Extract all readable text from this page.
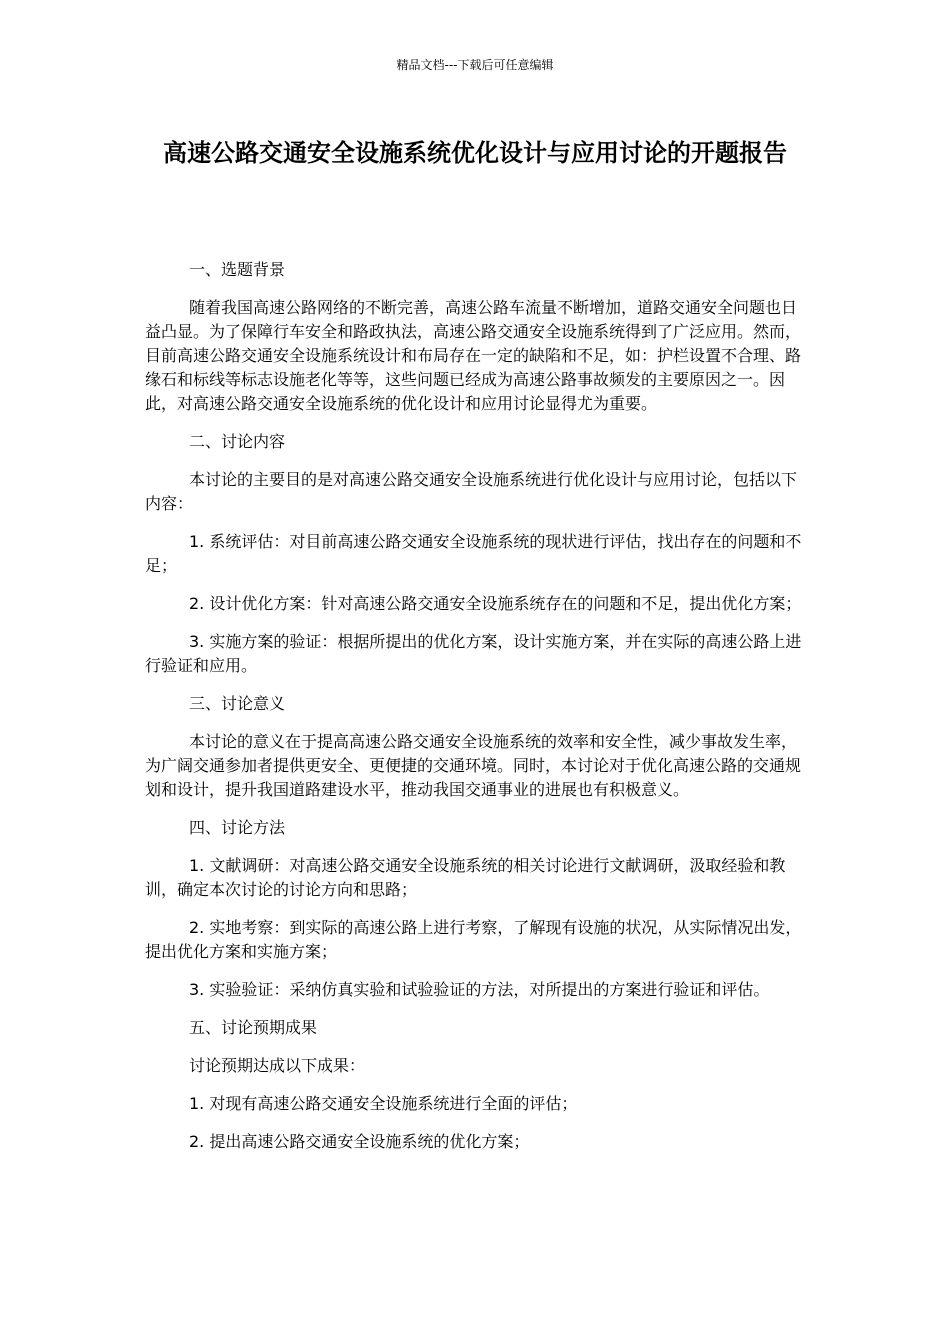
精品文档---下载后可任意编辑
高速公路交通安全设施系统优化设计与应用讨论的开题报告

一、选题背景

随着我国高速公路网络的不断完善，高速公路车流量不断增加，道路交通安全问题也日益凸显。为了保障行车安全和路政执法，高速公路交通安全设施系统得到了广泛应用。然而，目前高速公路交通安全设施系统设计和布局存在一定的缺陷和不足，如：护栏设置不合理、路缘石和标线等标志设施老化等等，这些问题已经成为高速公路事故频发的主要原因之一。因此，对高速公路交通安全设施系统的优化设计和应用讨论显得尤为重要。

二、讨论内容

本讨论的主要目的是对高速公路交通安全设施系统进行优化设计与应用讨论，包括以下内容：

1. 系统评估：对目前高速公路交通安全设施系统的现状进行评估，找出存在的问题和不足；

2. 设计优化方案：针对高速公路交通安全设施系统存在的问题和不足，提出优化方案；

3. 实施方案的验证：根据所提出的优化方案，设计实施方案，并在实际的高速公路上进行验证和应用。

三、讨论意义

本讨论的意义在于提高高速公路交通安全设施系统的效率和安全性，减少事故发生率，为广阔交通参加者提供更安全、更便捷的交通环境。同时，本讨论对于优化高速公路的交通规划和设计，提升我国道路建设水平，推动我国交通事业的进展也有积极意义。

四、讨论方法

1. 文献调研：对高速公路交通安全设施系统的相关讨论进行文献调研，汲取经验和教训，确定本次讨论的讨论方向和思路；

2. 实地考察：到实际的高速公路上进行考察，了解现有设施的状况，从实际情况出发，提出优化方案和实施方案；

3. 实验验证：采纳仿真实验和试验验证的方法，对所提出的方案进行验证和评估。

五、讨论预期成果

讨论预期达成以下成果：

1. 对现有高速公路交通安全设施系统进行全面的评估；

2. 提出高速公路交通安全设施系统的优化方案；
